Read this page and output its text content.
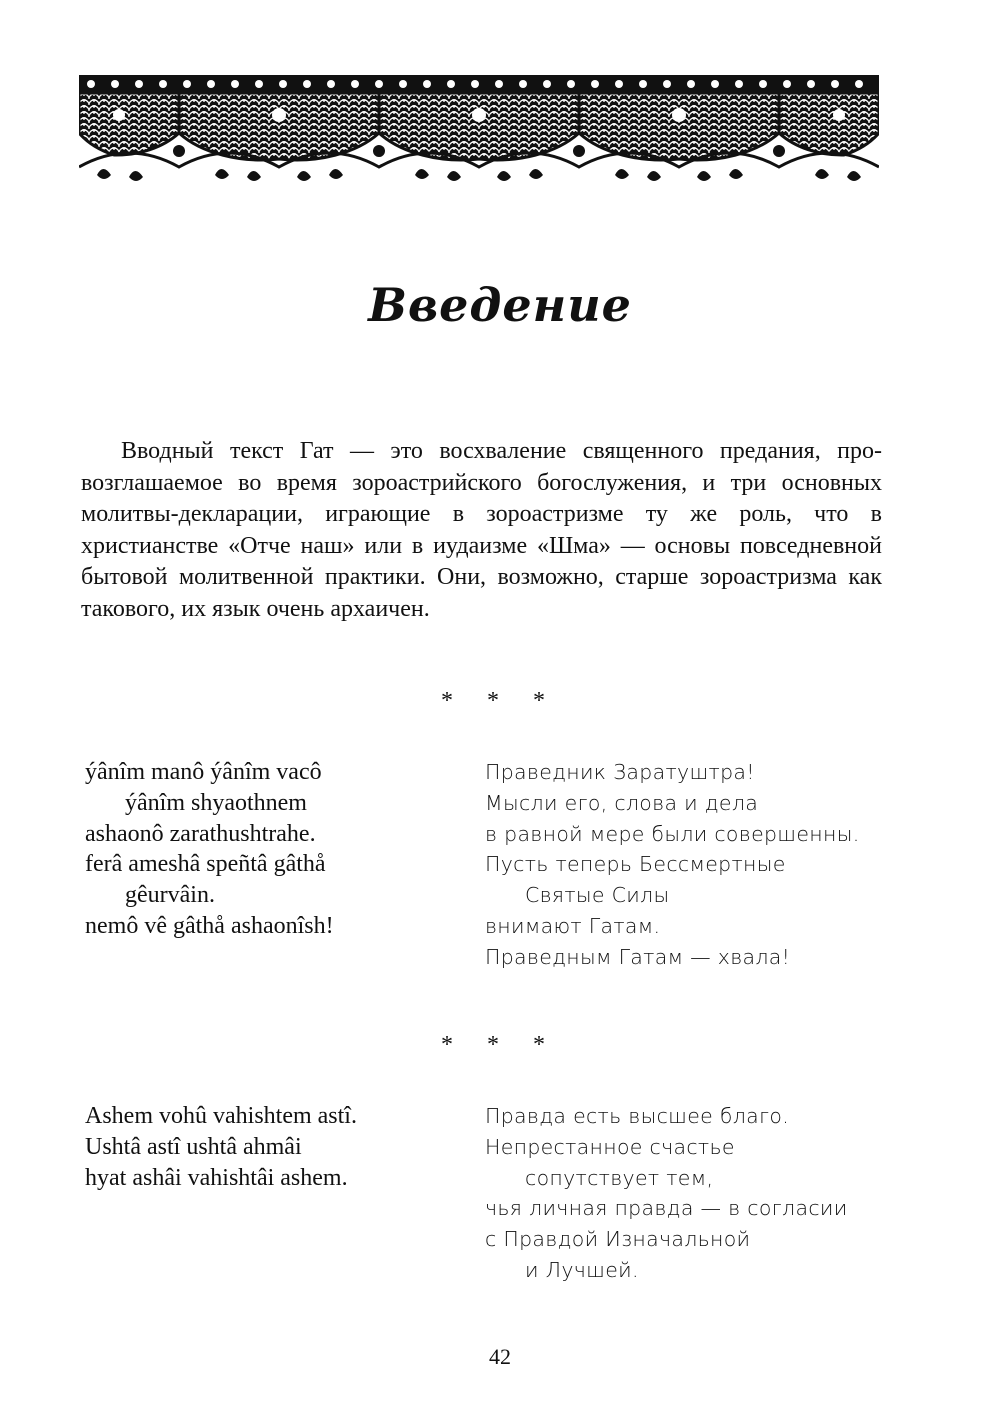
Введение

Вводный текст Гат — это восхваление священного предания, провозглашаемое во время зороастрийского богослужения, и три основных молитвы-декларации, играющие в зороастризме ту же роль, что в христианстве «Отче наш» или в иудаизме «Шма» — основы повседневной бытовой молитвенной практики. Они, возможно, старше зороастризма как такового, их язык очень архаичен.

* * *
ýânîm manô ýânîm vacô
ýânîm shyaothnem
ashaonô zarathushtrahe.
ferâ ameshâ speñtâ gâthå
gêurvâin.
nemô vê gâthå ashaonîsh!
Праведник Заратуштра!
Мысли его, слова и дела
в равной мере были совершенны.
Пусть теперь Бессмертные
Святые Силы
внимают Гатам.
Праведным Гатам — хвала!
* * *
Ashem vohû vahishtem astî.
Ushtâ astî ushtâ ahmâi
hyat ashâi vahishtâi ashem.
Правда есть высшее благо.
Непрестанное счастье
сопутствует тем,
чья личная правда — в согласии
с Правдой Изначальной
и Лучшей.
42
